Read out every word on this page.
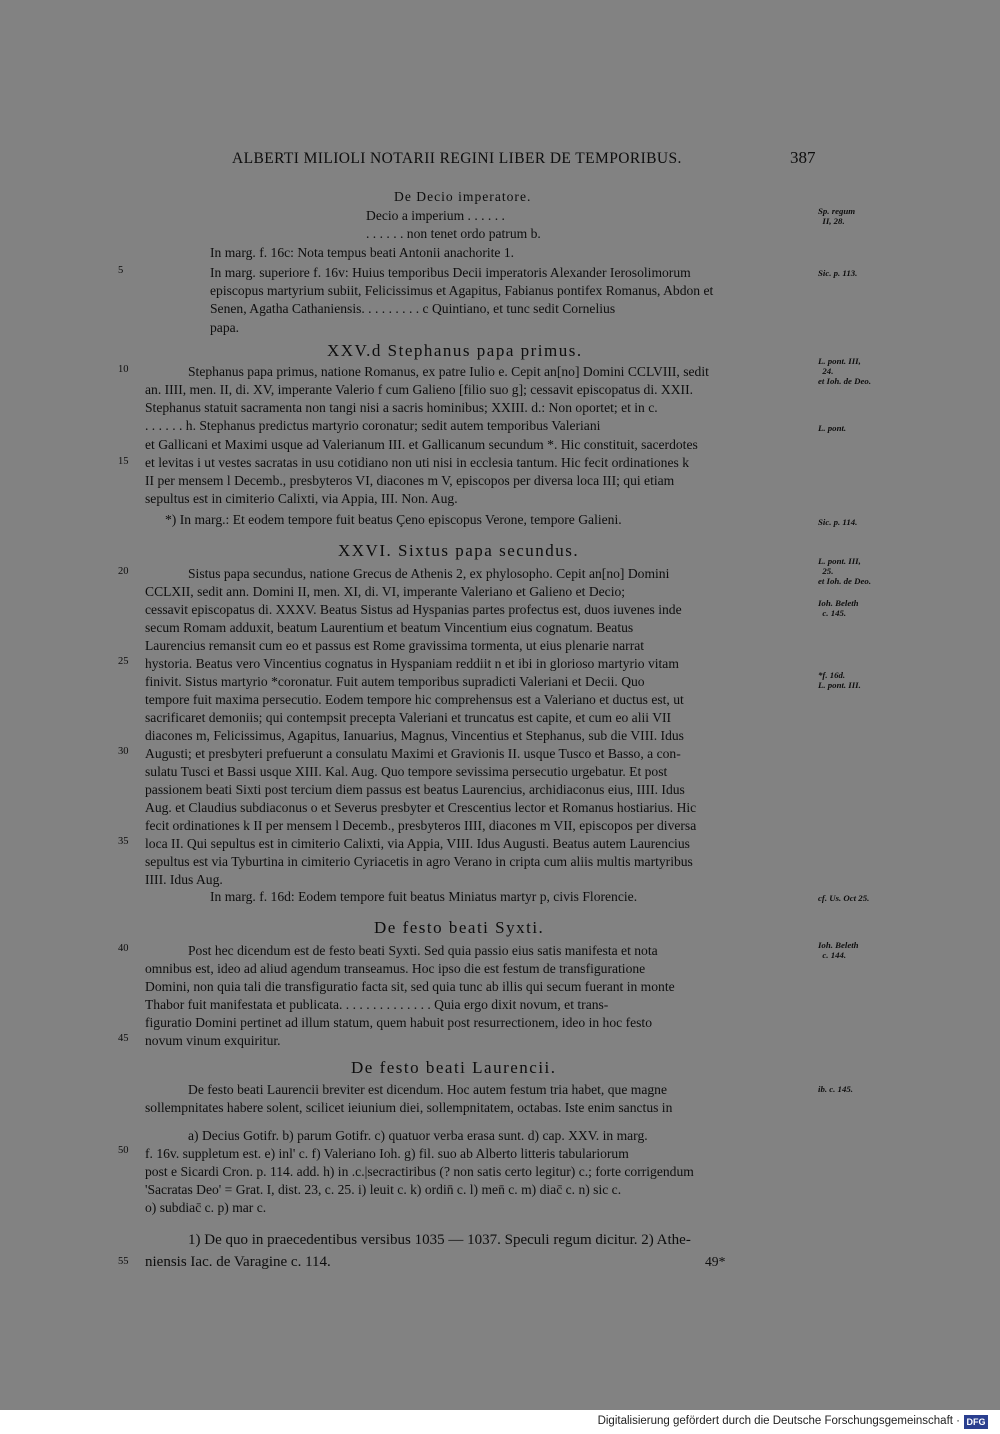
ALBERTI MILIOLI NOTARII REGINI LIBER DE TEMPORIBUS.	387
5
10
15
20
25
30
35
40
45
50
55
Sp. regum
II, 28.
Sic. p. 113.
L. pont. III,
24.
et Ioh. de Deo.
L. pont.
Sic. p. 114.
L. pont. III,
25.
et Ioh. de Deo.
Ioh. Beleth
c. 145.
*f. 16d.
L. pont. III.
cf. Us. Oct 25.
Ioh. Beleth
c. 144.
ib. c. 145.
De Decio imperatore.
Decio a imperium . . . . . .
. . . . . . non tenet ordo patrum b.
In marg. f. 16c: Nota tempus beati Antonii anachorite 1.
In marg. superiore f. 16v: Huius temporibus Decii imperatoris Alexander Ierosolimorum
episcopus martyrium subiit, Felicissimus et Agapitus, Fabianus pontifex Romanus, Abdon et
Senen, Agatha Cathaniensis. . . . . . . . . c Quintiano, et tunc sedit Cornelius
papa.
XXV.d Stephanus papa primus.
Stephanus papa primus, natione Romanus, ex patre Iulio e. Cepit an[no] Domini CCLVIII, sedit
an. IIII, men. II, di. XV, imperante Valerio f cum Galieno [filio suo g]; cessavit episcopatus di. XXII.
Stephanus statuit sacramenta non tangi nisi a sacris hominibus; XXIII. d.: Non oportet; et in c.
. . . . . . h. Stephanus predictus martyrio coronatur; sedit autem temporibus Valeriani
et Gallicani et Maximi usque ad Valerianum III. et Gallicanum secundum *. Hic constituit, sacerdotes
et levitas i ut vestes sacratas in usu cotidiano non uti nisi in ecclesia tantum. Hic fecit ordinationes k
II per mensem l Decemb., presbyteros VI, diacones m V, episcopos per diversa loca III; qui etiam
sepultus est in cimiterio Calixti, via Appia, III. Non. Aug.
*) In marg.: Et eodem tempore fuit beatus Çeno episcopus Verone, tempore Galieni.
XXVI. Sixtus papa secundus.
Sistus papa secundus, natione Grecus de Athenis 2, ex phylosopho. Cepit an[no] Domini
CCLXII, sedit ann. Domini II, men. XI, di. VI, imperante Valeriano et Galieno et Decio;
cessavit episcopatus di. XXXV. Beatus Sistus ad Hyspanias partes profectus est, duos iuvenes inde
secum Romam adduxit, beatum Laurentium et beatum Vincentium eius cognatum. Beatus
Laurencius remansit cum eo et passus est Rome gravissima tormenta, ut eius plenarie narrat
hystoria. Beatus vero Vincentius cognatus in Hyspaniam reddiit n et ibi in glorioso martyrio vitam
finivit. Sistus martyrio *coronatur. Fuit autem temporibus supradicti Valeriani et Decii. Quo
tempore fuit maxima persecutio. Eodem tempore hic comprehensus est a Valeriano et ductus est, ut
sacrificaret demoniis; qui contempsit precepta Valeriani et truncatus est capite, et cum eo alii VII
diacones m, Felicissimus, Agapitus, Ianuarius, Magnus, Vincentius et Stephanus, sub die VIII. Idus
Augusti; et presbyteri prefuerunt a consulatu Maximi et Gravionis II. usque Tusco et Basso, a con-
sulatu Tusci et Bassi usque XIII. Kal. Aug. Quo tempore sevissima persecutio urgebatur. Et post
passionem beati Sixti post tercium diem passus est beatus Laurencius, archidiaconus eius, IIII. Idus
Aug. et Claudius subdiaconus o et Severus presbyter et Crescentius lector et Romanus hostiarius. Hic
fecit ordinationes k II per mensem l Decemb., presbyteros IIII, diacones m VII, episcopos per diversa
loca II. Qui sepultus est in cimiterio Calixti, via Appia, VIII. Idus Augusti. Beatus autem Laurencius
sepultus est via Tyburtina in cimiterio Cyriacetis in agro Verano in cripta cum aliis multis martyribus
IIII. Idus Aug.
In marg. f. 16d: Eodem tempore fuit beatus Miniatus martyr p, civis Florencie.
De festo beati Syxti.
Post hec dicendum est de festo beati Syxti. Sed quia passio eius satis manifesta et nota
omnibus est, ideo ad aliud agendum transeamus. Hoc ipso die est festum de transfiguratione
Domini, non quia tali die transfiguratio facta sit, sed quia tunc ab illis qui secum fuerant in monte
Thabor fuit manifestata et publicata. . . . . . . . . . . . . . Quia ergo dixit novum, et trans-
figuratio Domini pertinet ad illum statum, quem habuit post resurrectionem, ideo in hoc festo
novum vinum exquiritur.
De festo beati Laurencii.
De festo beati Laurencii breviter est dicendum. Hoc autem festum tria habet, que magne
sollempnitates habere solent, scilicet ieiunium diei, sollempnitatem, octabas. Iste enim sanctus in
a) Decius Gotifr. b) parum Gotifr. c) quatuor verba erasa sunt. d) cap. XXV. in marg.
f. 16v. suppletum est. e) inl' c. f) Valeriano Ioh. g) fil. suo ab Alberto litteris tabulariorum
post e Sicardi Cron. p. 114. add. h) in .c.|secractiribus (? non satis certo legitur) c.; forte corrigendum
'Sacratas Deo' = Grat. I, dist. 23, c. 25. i) leuit c. k) ordin̄ c. l) men̄ c. m) diac̄ c. n) sic c.
o) subdiac̄ c. p) mar c.
1) De quo in praecedentibus versibus 1035 — 1037. Speculi regum dicitur. 2) Athe-
niensis Iac. de Varagine c. 114.	49*
Digitalisierung gefördert durch die Deutsche Forschungsgemeinschaft · DFG
